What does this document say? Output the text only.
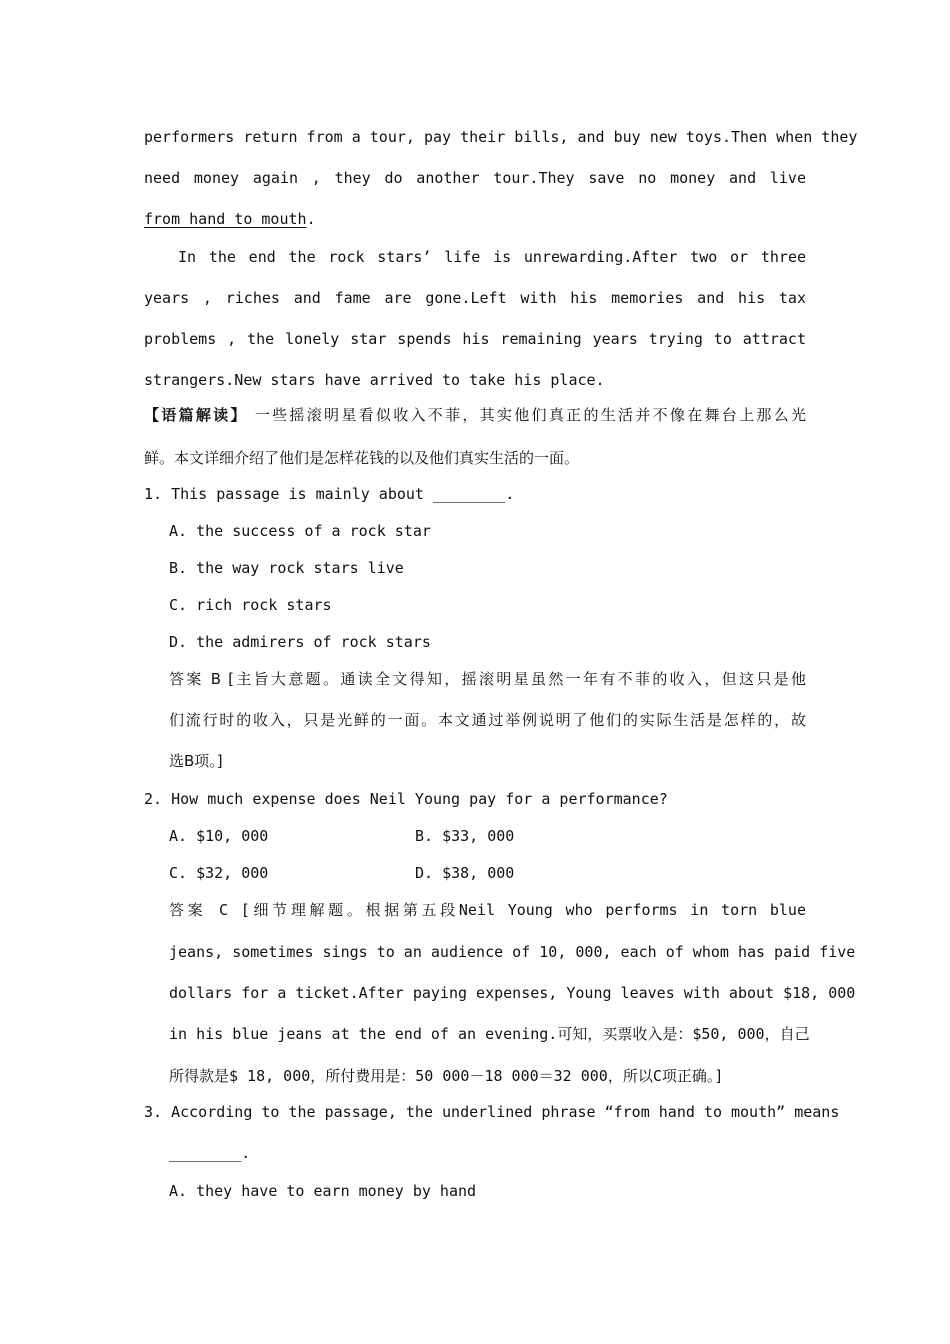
performers return from a tour, pay their bills, and buy new toys.Then when they
need money again , they do another tour.They save no money and live
from hand to mouth.
In the end the rock stars’ life is unrewarding.After two or three
years , riches and fame are gone.Left with his memories and his tax
problems , the lonely star spends his remaining years trying to attract
strangers.New stars have arrived to take his place.
【语篇解读】 一些摇滚明星看似收入不菲，其实他们真正的生活并不像在舞台上那么光
鲜。本文详细介绍了他们是怎样花钱的以及他们真实生活的一面。
1. This passage is mainly about ________.
A. the success of a rock star
B. the way rock stars live
C. rich rock stars
D. the admirers of rock stars
答案 B [主旨大意题。通读全文得知，摇滚明星虽然一年有不菲的收入，但这只是他
们流行时的收入，只是光鲜的一面。本文通过举例说明了他们的实际生活是怎样的，故
选B项。]
2. How much expense does Neil Young pay for a performance?
A. $10, 000	B. $33, 000
C. $32, 000	D. $38, 000
答案 C [细节理解题。根据第五段Neil Young who performs in torn blue
jeans, sometimes sings to an audience of 10, 000, each of whom has paid five
dollars for a ticket.After paying expenses, Young leaves with about $18, 000
in his blue jeans at the end of an evening.可知，买票收入是：$50, 000，自己
所得款是$ 18, 000，所付费用是：50 000－18 000＝32 000，所以C项正确。]
3. According to the passage, the underlined phrase “from hand to mouth” means
________.
A. they have to earn money by hand
